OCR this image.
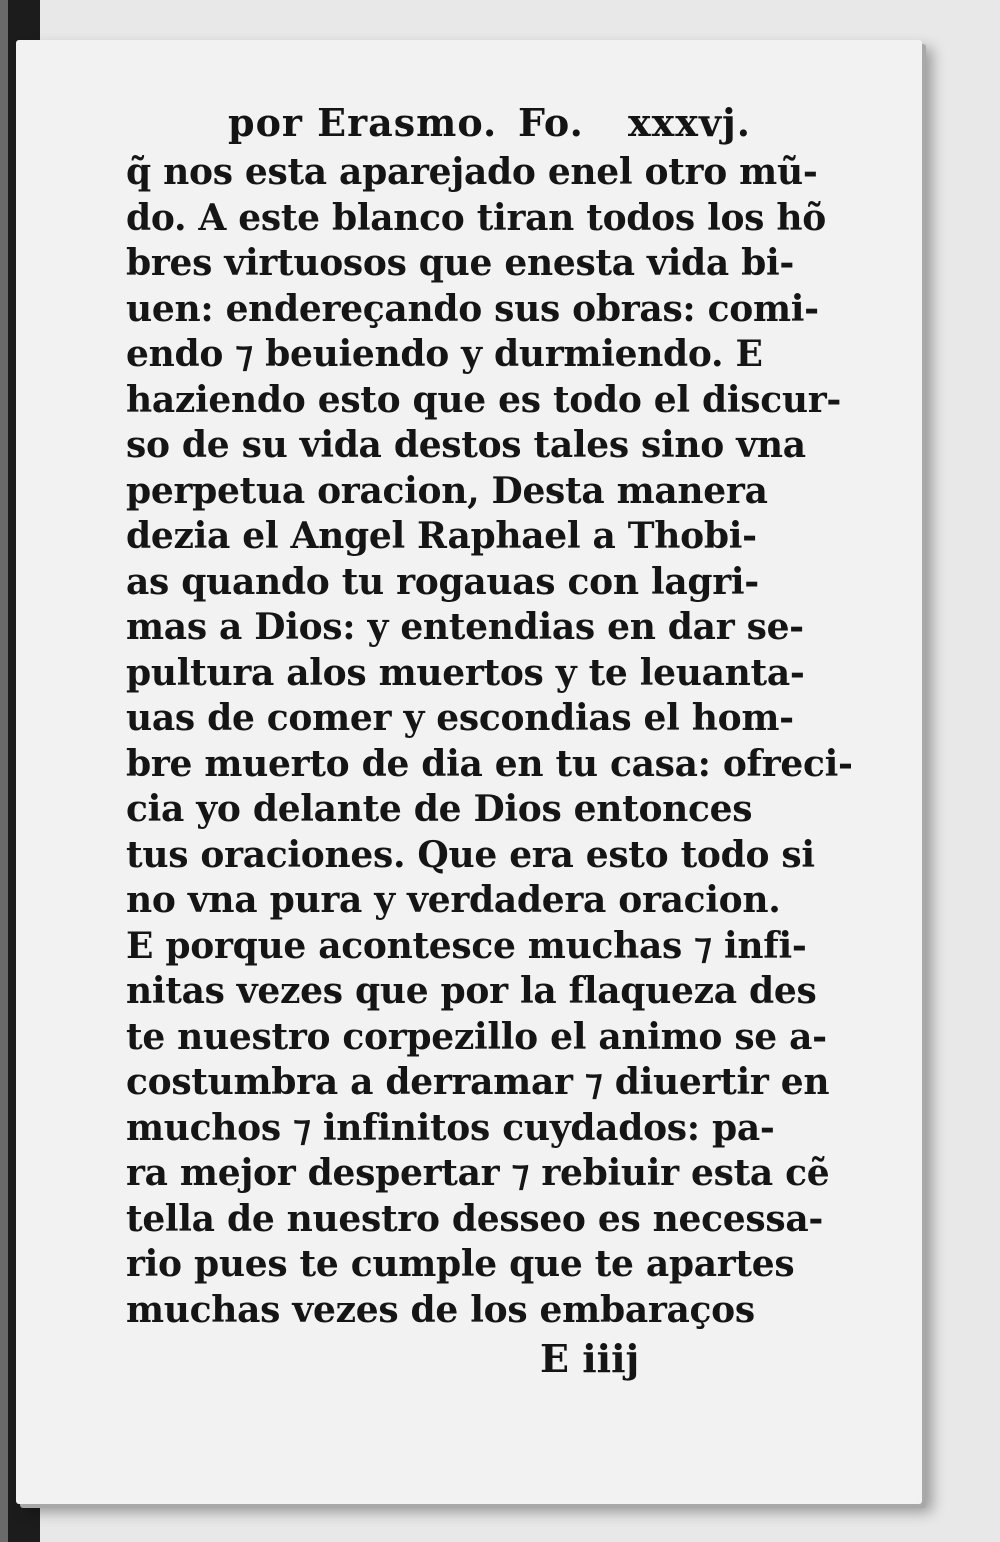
por Erasmo. Fo. xxxvj.
q̃ nos esta aparejado enel otro mũ-
do. A este blanco tiran todos los hõ
bres virtuosos que enesta vida bi-
uen: endereçando sus obras: comi-
endo ⁊ beuiendo y durmiendo. E
haziendo esto que es todo el discur-
so de su vida destos tales sino vna
perpetua oracion, Desta manera
dezia el Angel Raphael a Thobi-
as quando tu rogauas con lagri-
mas a Dios: y entendias en dar se-
pultura alos muertos y te leuanta-
uas de comer y escondias el hom-
bre muerto de dia en tu casa: ofreci-
cia yo delante de Dios entonces
tus oraciones. Que era esto todo si
no vna pura y verdadera oracion.
E porque acontesce muchas ⁊ infi-
nitas vezes que por la flaqueza des
te nuestro corpezillo el animo se a-
costumbra a derramar ⁊ diuertir en
muchos ⁊ infinitos cuydados: pa-
ra mejor despertar ⁊ rebiuir esta cẽ
tella de nuestro desseo es necessa-
rio pues te cumple que te apartes
muchas vezes de los embaraços
E iiij
